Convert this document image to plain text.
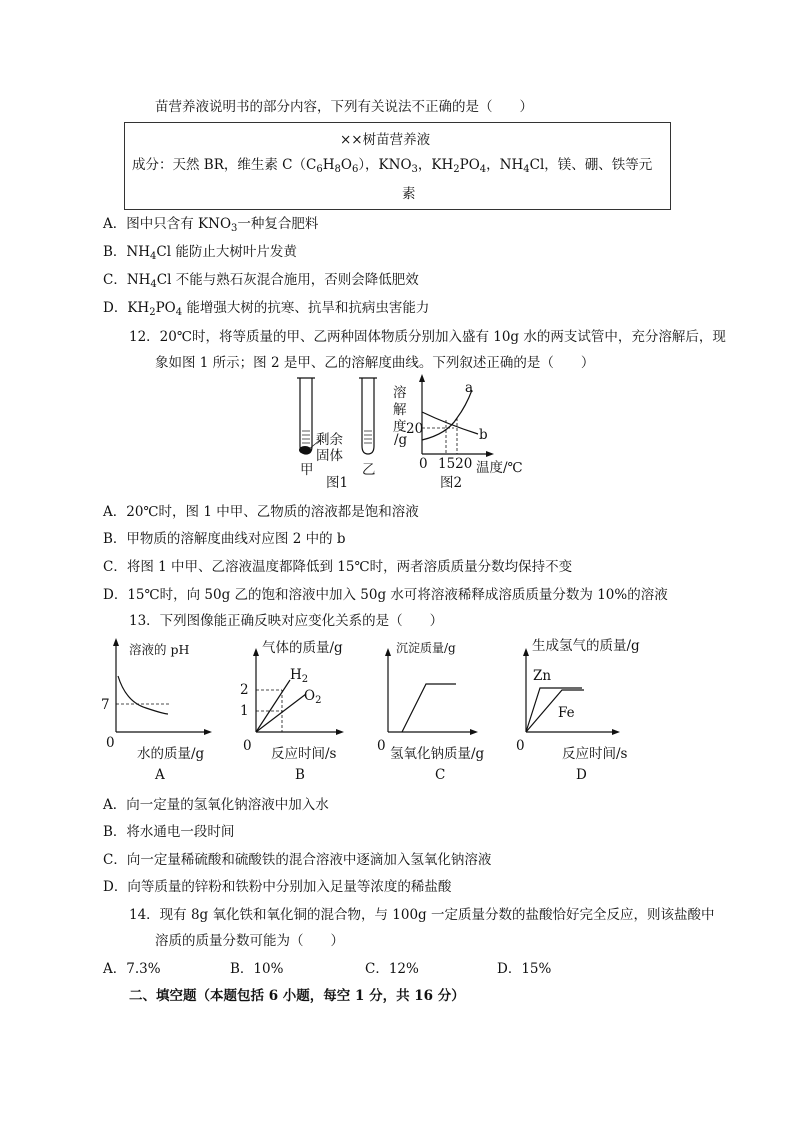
苗营养液说明书的部分内容，下列有关说法不正确的是（　　）
××树苗营养液
成分：天然 BR，维生素 $C(C_6H_8O_6)$，$KNO_3$，$KH_2PO_4$，$NH_4Cl$，镁、硼、铁等元
素
A．图中只含有 $KNO_3$一种复合肥料
B．$NH_4Cl$ 能防止大树叶片发黄
C．$NH_4Cl$ 不能与熟石灰混合施用，否则会降低肥效
D．$KH_2PO_4$ 能增强大树的抗寒、抗旱和抗病虫害能力
12．20℃时，将等质量的甲、乙两种固体物质分别加入盛有 10g 水的两支试管中，充分溶解后，现
象如图 1 所示；图 2 是甲、乙的溶解度曲线。下列叙述正确的是（　　）
剩余
固体
甲	乙
图1
溶
解
度
/g
20
a
b
0 1520 温度/℃
图2
A．20℃时，图 1 中甲、乙物质的溶液都是饱和溶液
B．甲物质的溶解度曲线对应图 2 中的 b
C．将图 1 中甲、乙溶液温度都降低到 15℃时，两者溶质质量分数均保持不变
D．15℃时，向 50g 乙的饱和溶液中加入 50g 水可将溶液稀释成溶质质量分数为 10%的溶液
13．下列图像能正确反映对应变化关系的是（　　）
溶液的 pH
7
0
水的质量/g
A
气体的质量/g
$H_2$
$O_2$
2
1
0 反应时间/s
B
沉淀质量/g
0 氢氧化钠质量/g
C
生成氢气的质量/g
Zn
Fe
0	反应时间/s
D
A．向一定量的氢氧化钠溶液中加入水
B．将水通电一段时间
C．向一定量稀硫酸和硫酸铁的混合溶液中逐滴加入氢氧化钠溶液
D．向等质量的锌粉和铁粉中分别加入足量等浓度的稀盐酸
14．现有 8g 氧化铁和氧化铜的混合物，与 100g 一定质量分数的盐酸恰好完全反应，则该盐酸中
溶质的质量分数可能为（　　）
A．7.3%	B．10%	C．12%	D．15%
二、填空题（本题包括 6 小题，每空 1 分，共 16 分）
